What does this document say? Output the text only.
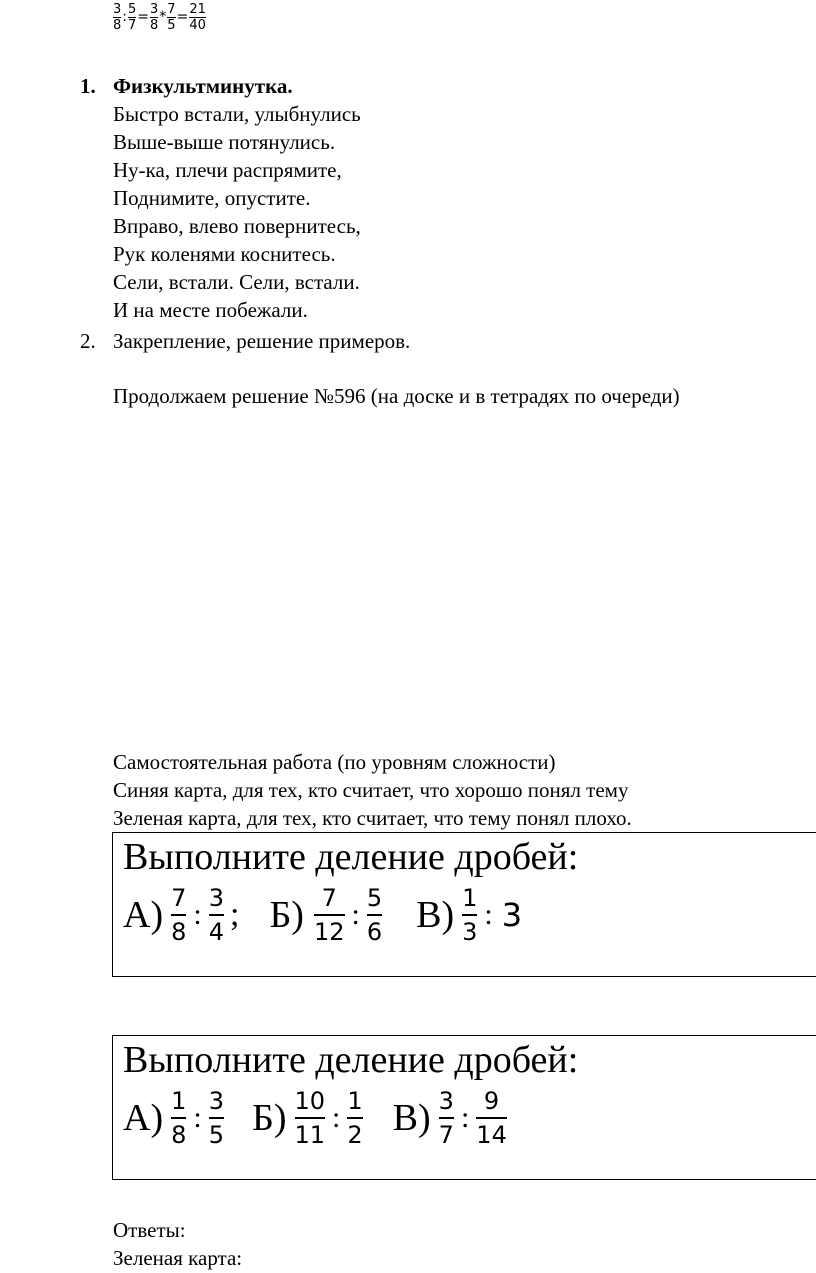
$\frac{3}{8}$ : $\frac{5}{7} = \frac{3}{8} * \frac{7}{5} = \frac{21}{40}$
1. Физкультминутка.
Быстро встали, улыбнулись
Выше-выше потянулись.
Ну-ка, плечи распрямите,
Поднимите, опустите.
Вправо, влево повернитесь,
Рук коленями коснитесь.
Сели, встали. Сели, встали.
И на месте побежали.
2. Закрепление, решение примеров.
Продолжаем решение №596 (на доске и в тетрадях по очереди)
Самостоятельная работа (по уровням сложности)
Синяя карта, для тех, кто считает, что хорошо понял тему
Зеленая карта, для тех, кто считает, что тему понял плохо.
Выполните деление дробей:
$А) \frac{7}{8}$ : $\frac{3}{4}$ ; $Б) \frac{7}{12}$ : $\frac{5}{6} В) \frac{1}{3}$ : 3
Выполните деление дробей:
$А) \frac{1}{8}$ : $\frac{3}{5} Б) \frac{10}{11}$ : $\frac{1}{2} В) \frac{3}{7}$ : $\frac{9}{14}$
Ответы:
Зеленая карта:
